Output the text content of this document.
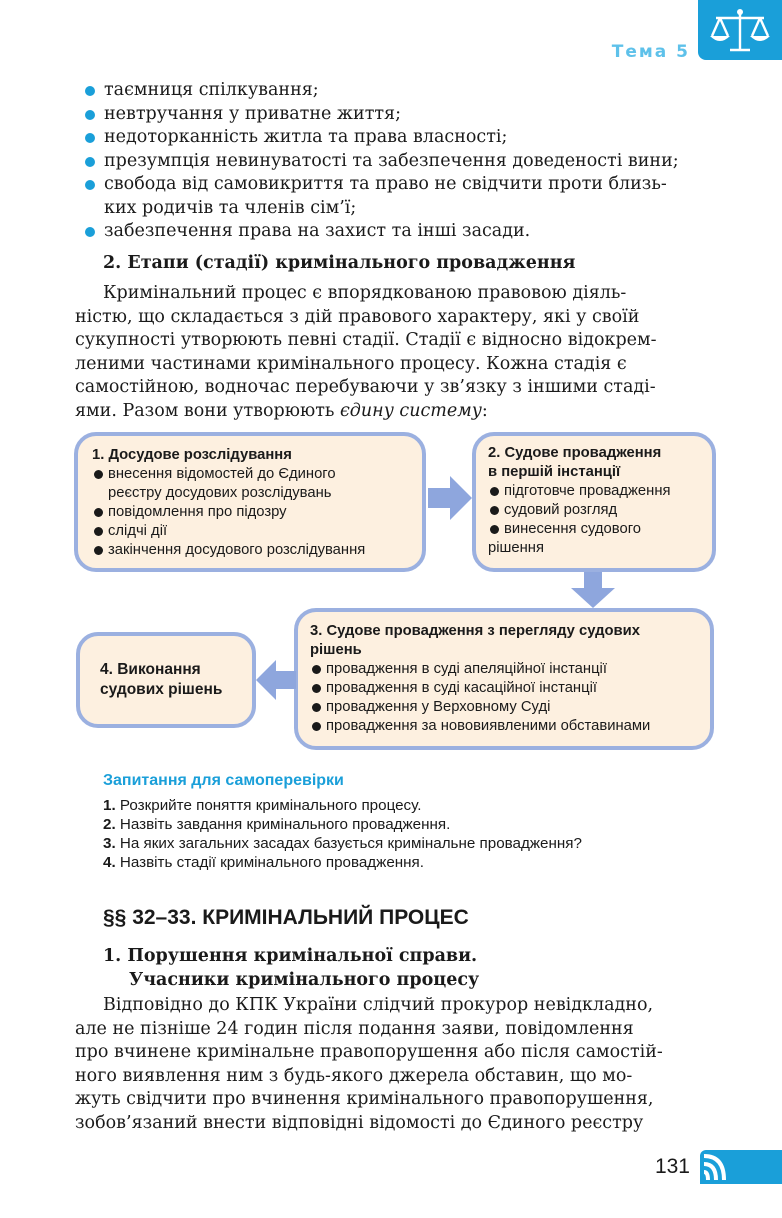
Тема 5
таємниця спілкування;
невтручання у приватне життя;
недоторканність житла та права власності;
презумпція невинуватості та забезпечення доведеності вини;
свобода від самовикриття та право не свідчити проти близь-
ких родичів та членів сім’ї;
забезпечення права на захист та інші засади.
2. Етапи (стадії) кримінального провадження

Кримінальний процес є впорядкованою правовою діяль-
ністю, що складається з дій правового характеру, які у своїй
сукупності утворюють певні стадії. Стадії є відносно відокрем-
леними частинами кримінального процесу. Кожна стадія є
самостійною, водночас перебуваючи у зв’язку з іншими стаді-
ями. Разом вони утворюють єдину систему:

1. Досудове розслідування
внесення відомостей до Єдиного
реєстру досудових розслідувань
повідомлення про підозру
слідчі дії
закінчення досудового розслідування
2. Судове провадження
в першій інстанції
підготовче провадження
судовий розгляд
винесення судового
рішення
3. Судове провадження з перегляду судових
рішень
провадження в суді апеляційної інстанції
провадження в суді касаційної інстанції
провадження у Верховному Суді
провадження за нововиявленими обставинами
4. Виконання
судових рішень
Запитання для самоперевірки
1. Розкрийте поняття кримінального процесу.
2. Назвіть завдання кримінального провадження.
3. На яких загальних засадах базується кримінальне провадження?
4. Назвіть стадії кримінального провадження.
§§ 32–33. КРИМІНАЛЬНИЙ ПРОЦЕС
1. Порушення кримінальної справи.
Учасники кримінального процесу

Відповідно до КПК України слідчий прокурор невідкладно,
але не пізніше 24 годин після подання заяви, повідомлення
про вчинене кримінальне правопорушення або після самостій-
ного виявлення ним з будь-якого джерела обставин, що мо-
жуть свідчити про вчинення кримінального правопорушення,
зобов’язаний внести відповідні відомості до Єдиного реєстру

131
